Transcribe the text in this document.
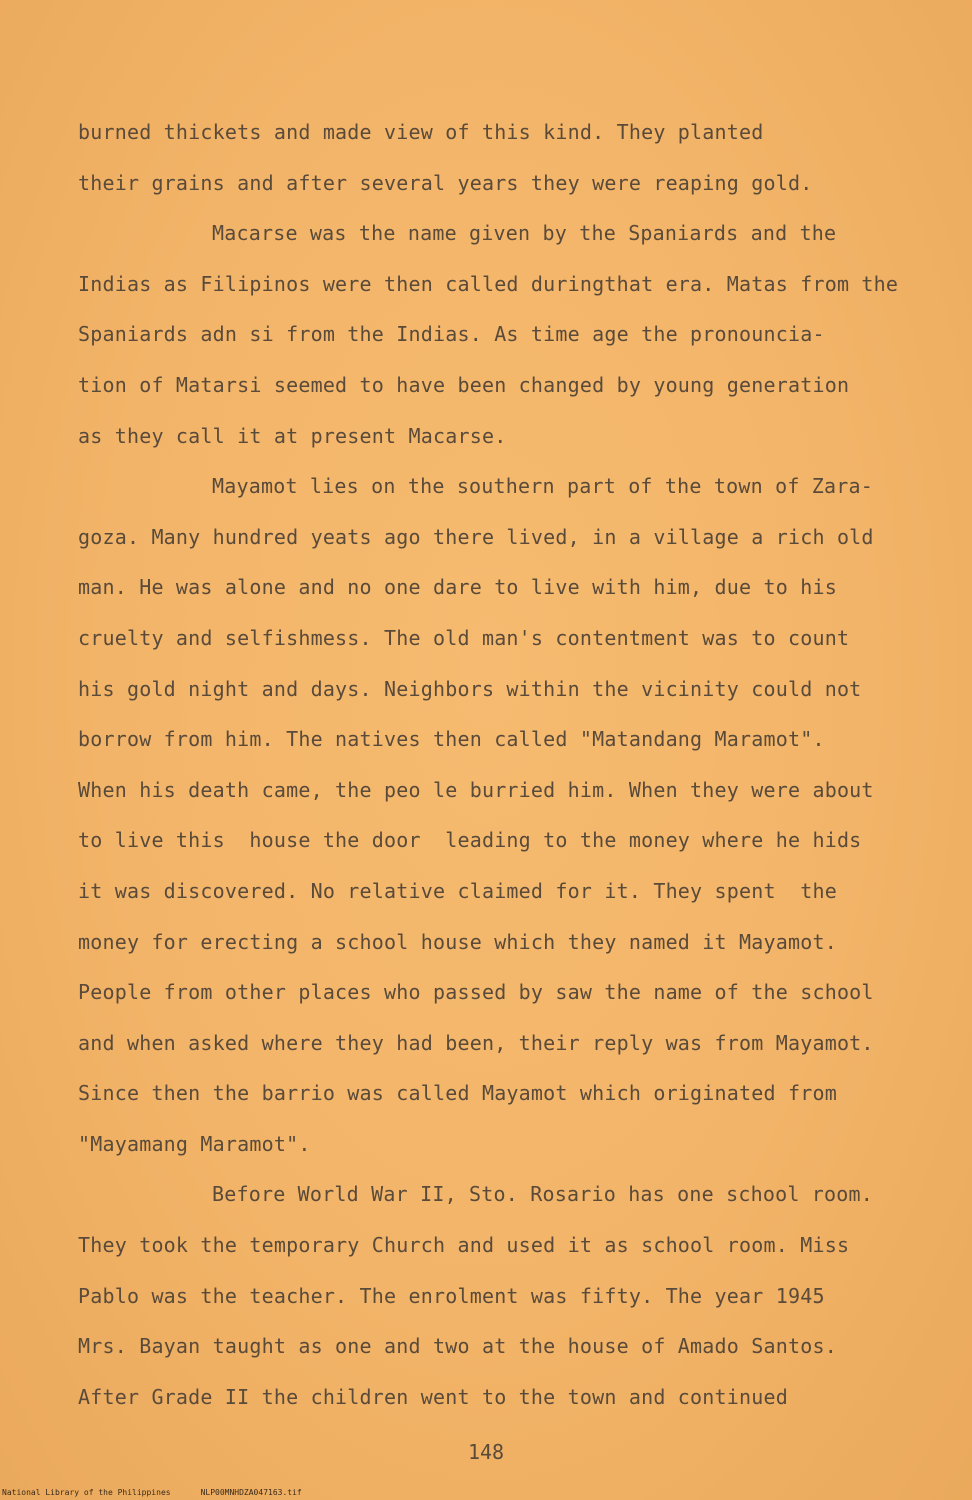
burned thickets and made view of this kind. They planted
their grains and after several years they were reaping gold.
Macarse was the name given by the Spaniards and the
Indias as Filipinos were then called duringthat era. Matas from the
Spaniards adn si from the Indias. As time age the pronouncia-
tion of Matarsi seemed to have been changed by young generation
as they call it at present Macarse.
Mayamot lies on the southern part of the town of Zara-
goza. Many hundred yeats ago there lived, in a village a rich old
man. He was alone and no one dare to live with him, due to his
cruelty and selfishmess. The old man's contentment was to count
his gold night and days. Neighbors within the vicinity could not
borrow from him. The natives then called "Matandang Maramot".
When his death came, the peo le burried him. When they were about
to live this  house the door  leading to the money where he hids
it was discovered. No relative claimed for it. They spent  the
money for erecting a school house which they named it Mayamot.
People from other places who passed by saw the name of the school
and when asked where they had been, their reply was from Mayamot.
Since then the barrio was called Mayamot which originated from
"Mayamang Maramot".
Before World War II, Sto. Rosario has one school room.
They took the temporary Church and used it as school room. Miss
Pablo was the teacher. The enrolment was fifty. The year 1945
Mrs. Bayan taught as one and two at the house of Amado Santos.
After Grade II the children went to the town and continued
148
National Library of the Philippines	NLP00MNHDZA047163.tif
